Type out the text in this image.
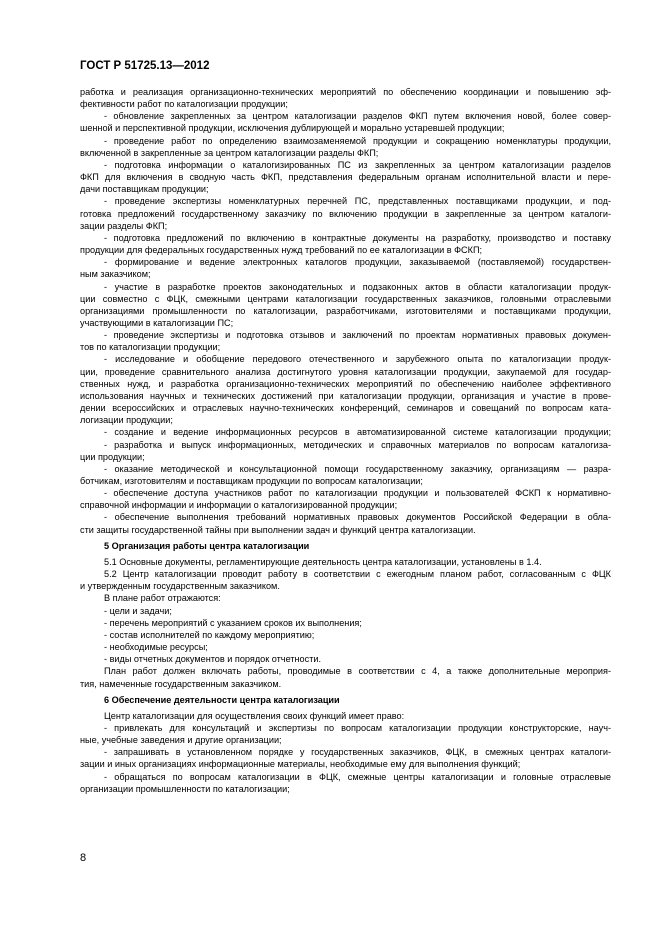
ГОСТ Р 51725.13—2012

работка и реализация организационно-технических мероприятий по обеспечению координации и повышению эф-

фективности работ по каталогизации продукции;

- обновление закрепленных за центром каталогизации разделов ФКП путем включения новой, более совер-

шенной и перспективной продукции, исключения дублирующей и морально устаревшей продукции;

- проведение работ по определению взаимозаменяемой продукции и сокращению номенклатуры продукции,

включенной в закрепленные за центром каталогизации разделы ФКП;

- подготовка информации о каталогизированных ПС из закрепленных за центром каталогизации разделов

ФКП для включения в сводную часть ФКП, представления федеральным органам исполнительной власти и пере-

дачи поставщикам продукции;

- проведение экспертизы номенклатурных перечней ПС, представленных поставщиками продукции, и под-

готовка предложений государственному заказчику по включению продукции в закрепленные за центром каталоги-

зации разделы ФКП;

- подготовка предложений по включению в контрактные документы на разработку, производство и поставку

продукции для федеральных государственных нужд требований по ее каталогизации в ФСКП;

- формирование и ведение электронных каталогов продукции, заказываемой (поставляемой) государствен-

ным заказчиком;

- участие в разработке проектов законодательных и подзаконных актов в области каталогизации продук-

ции совместно с ФЦК, смежными центрами каталогизации государственных заказчиков, головными отраслевыми

организациями промышленности по каталогизации, разработчиками, изготовителями и поставщиками продукции,

участвующими в каталогизации ПС;

- проведение экспертизы и подготовка отзывов и заключений по проектам нормативных правовых докумен-

тов по каталогизации продукции;

- исследование и обобщение передового отечественного и зарубежного опыта по каталогизации продук-

ции, проведение сравнительного анализа достигнутого уровня каталогизации продукции, закупаемой для государ-

ственных нужд, и разработка организационно-технических мероприятий по обеспечению наиболее эффективного

использования научных и технических достижений при каталогизации продукции, организация и участие в прове-

дении всероссийских и отраслевых научно-технических конференций, семинаров и совещаний по вопросам ката-

логизации продукции;

- создание и ведение информационных ресурсов в автоматизированной системе каталогизации продукции;

- разработка и выпуск информационных, методических и справочных материалов по вопросам каталогиза-

ции продукции;

- оказание методической и консультационной помощи государственному заказчику, организациям — разра-

ботчикам, изготовителям и поставщикам продукции по вопросам каталогизации;

- обеспечение доступа участников работ по каталогизации продукции и пользователей ФСКП к нормативно-

справочной информации и информации о каталогизированной продукции;

- обеспечение выполнения требований нормативных правовых документов Российской Федерации в обла-

сти защиты государственной тайны при выполнении задач и функций центра каталогизации.

5 Организация работы центра каталогизации

5.1 Основные документы, регламентирующие деятельность центра каталогизации, установлены в 1.4.

5.2 Центр каталогизации проводит работу в соответствии с ежегодным планом работ, согласованным с ФЦК

и утвержденным государственным заказчиком.

В плане работ отражаются:

- цели и задачи;

- перечень мероприятий с указанием сроков их выполнения;

- состав исполнителей по каждому мероприятию;

- необходимые ресурсы;

- виды отчетных документов и порядок отчетности.

План работ должен включать работы, проводимые в соответствии с 4, а также дополнительные мероприя-

тия, намеченные государственным заказчиком.

6 Обеспечение деятельности центра каталогизации

Центр каталогизации для осуществления своих функций имеет право:

- привлекать для консультаций и экспертизы по вопросам каталогизации продукции конструкторские, науч-

ные, учебные заведения и другие организации;

- запрашивать в установленном порядке у государственных заказчиков, ФЦК, в смежных центрах каталоги-

зации и иных организациях информационные материалы, необходимые ему для выполнения функций;

- обращаться по вопросам каталогизации в ФЦК, смежные центры каталогизации и головные отраслевые

организации промышленности по каталогизации;

8
